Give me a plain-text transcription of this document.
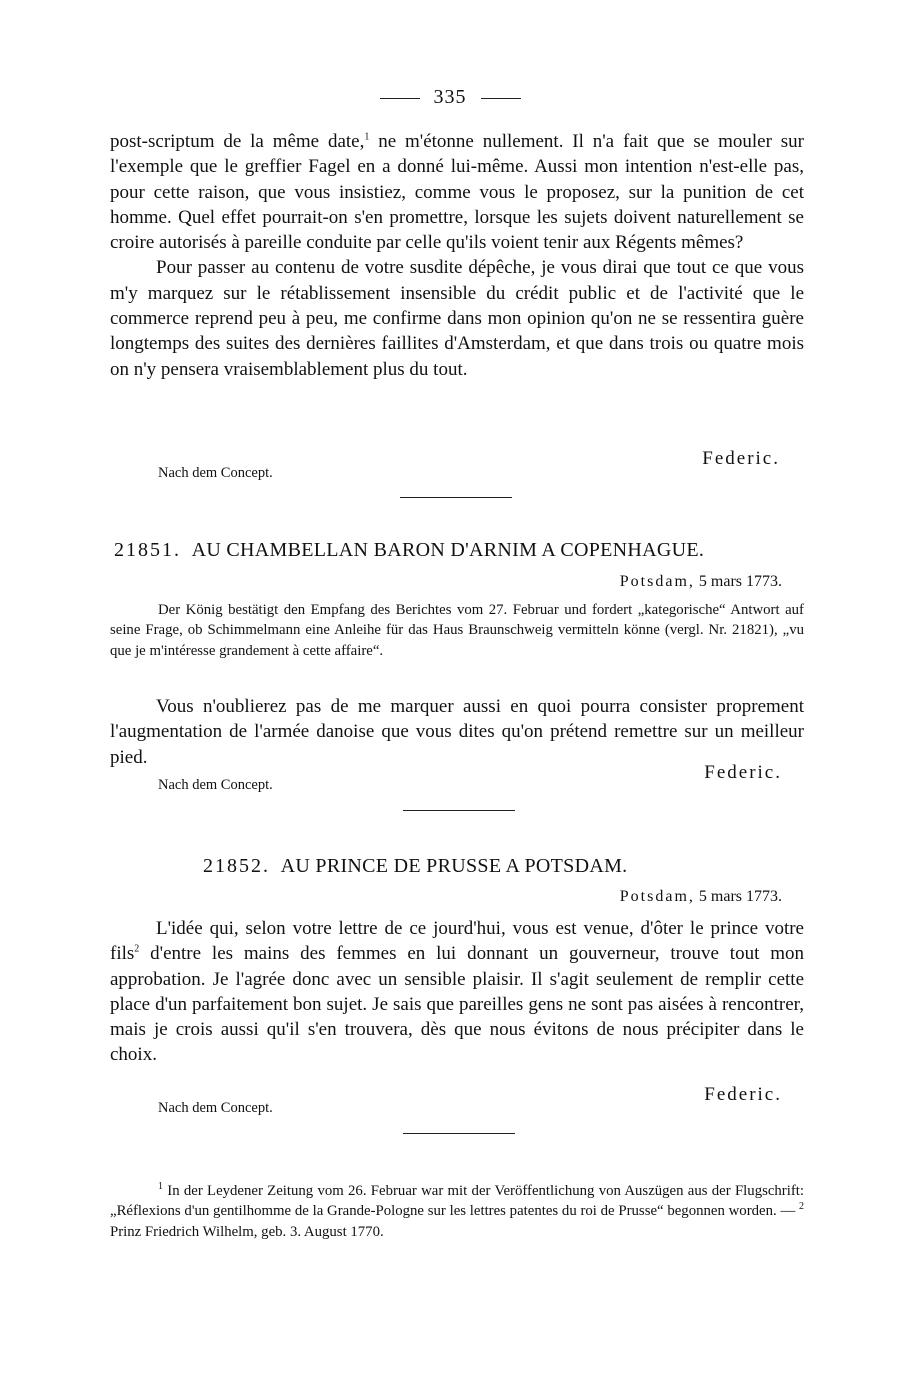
335

post-scriptum de la même date,$^1$ ne m'étonne nullement. Il n'a fait que se mouler sur l'exemple que le greffier Fagel en a donné lui-même. Aussi mon intention n'est-elle pas, pour cette raison, que vous insistiez, comme vous le proposez, sur la punition de cet homme. Quel effet pourrait-on s'en promettre, lorsque les sujets doivent naturellement se croire autorisés à pareille conduite par celle qu'ils voient tenir aux Régents mêmes?

Pour passer au contenu de votre susdite dépêche, je vous dirai que tout ce que vous m'y marquez sur le rétablissement insensible du crédit public et de l'activité que le commerce reprend peu à peu, me confirme dans mon opinion qu'on ne se ressentira guère longtemps des suites des dernières faillites d'Amsterdam, et que dans trois ou quatre mois on n'y pensera vraisemblablement plus du tout.

Federic.
Nach dem Concept.
21851. AU CHAMBELLAN BARON D'ARNIM A COPENHAGUE.
Potsdam, 5 mars 1773.

Der König bestätigt den Empfang des Berichtes vom 27. Februar und fordert „kategorische“ Antwort auf seine Frage, ob Schimmelmann eine Anleihe für das Haus Braunschweig vermitteln könne (vergl. Nr. 21821), „vu que je m'intéresse grandement à cette affaire“.

Vous n'oublierez pas de me marquer aussi en quoi pourra consister proprement l'augmentation de l'armée danoise que vous dites qu'on prétend remettre sur un meilleur pied.

Federic.
Nach dem Concept.
21852. AU PRINCE DE PRUSSE A POTSDAM.
Potsdam, 5 mars 1773.

L'idée qui, selon votre lettre de ce jourd'hui, vous est venue, d'ôter le prince votre fils$^2$ d'entre les mains des femmes en lui donnant un gouverneur, trouve tout mon approbation. Je l'agrée donc avec un sensible plaisir. Il s'agit seulement de remplir cette place d'un parfaitement bon sujet. Je sais que pareilles gens ne sont pas aisées à rencontrer, mais je crois aussi qu'il s'en trouvera, dès que nous évitons de nous précipiter dans le choix.

Federic.
Nach dem Concept.

$^1$ In der Leydener Zeitung vom 26. Februar war mit der Veröffentlichung von Auszügen aus der Flugschrift: „Réflexions d'un gentilhomme de la Grande-Pologne sur les lettres patentes du roi de Prusse“ begonnen worden. — $^2$ Prinz Friedrich Wilhelm, geb. 3. August 1770.
